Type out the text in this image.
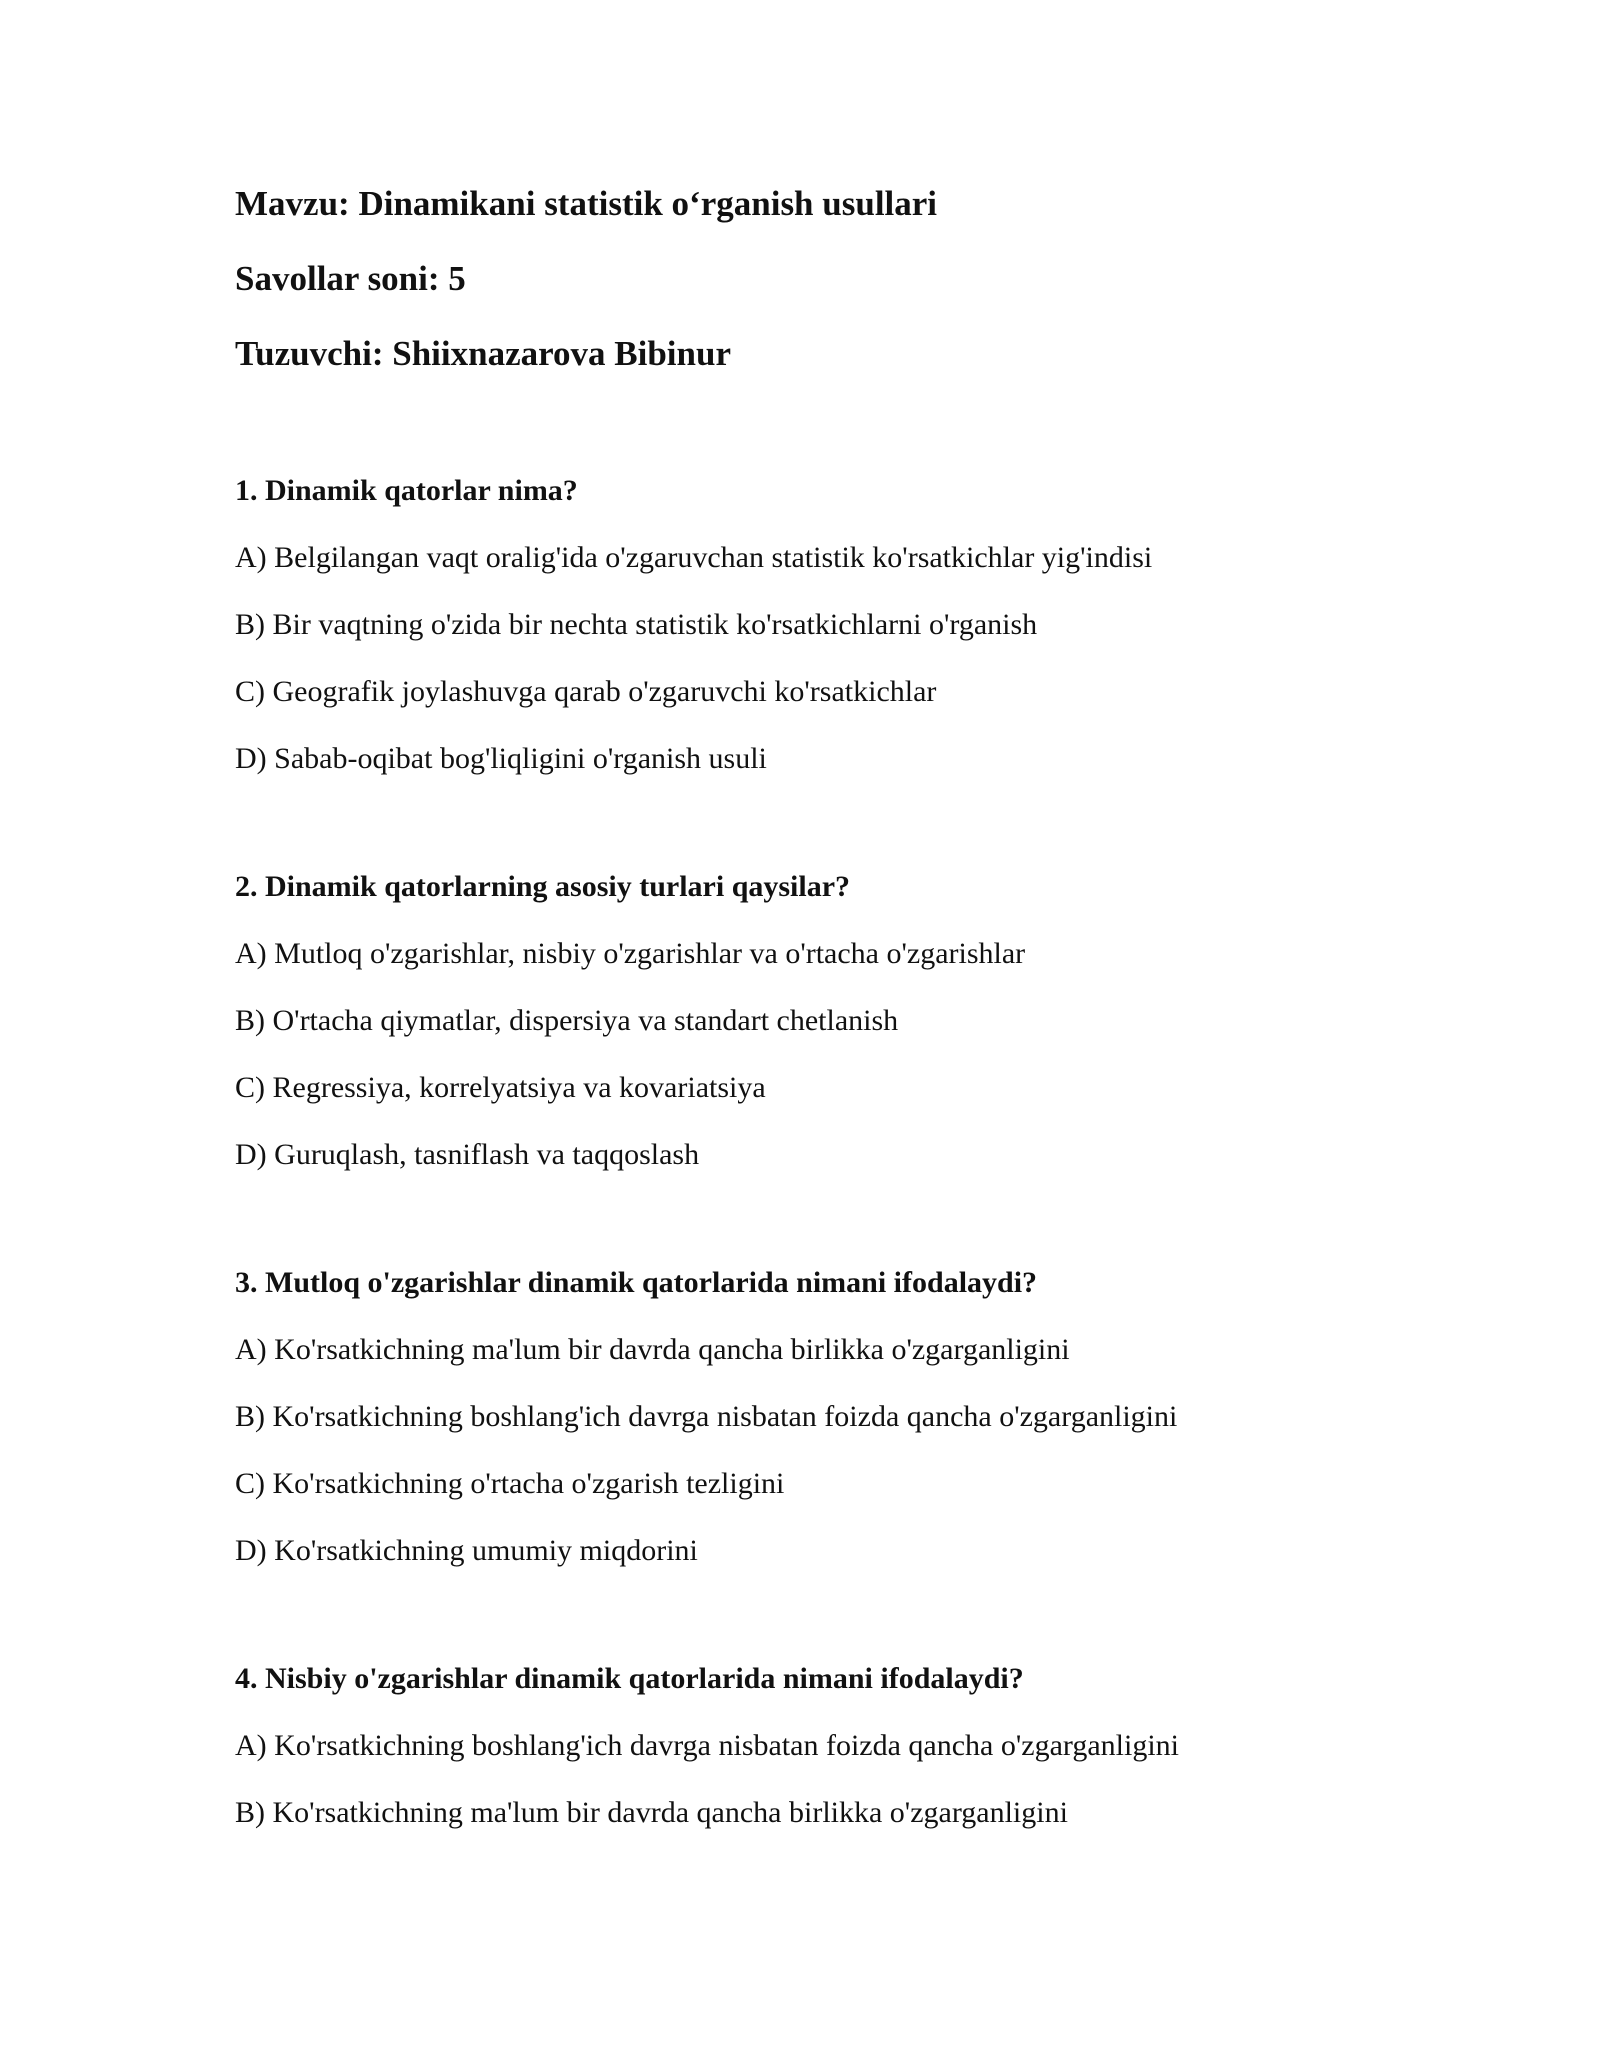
Mavzu: Dinamikani statistik o‘rganish usullari
Savollar soni: 5
Tuzuvchi: Shiixnazarova Bibinur
1. Dinamik qatorlar nima?
A) Belgilangan vaqt oralig'ida o'zgaruvchan statistik ko'rsatkichlar yig'indisi
B) Bir vaqtning o'zida bir nechta statistik ko'rsatkichlarni o'rganish
C) Geografik joylashuvga qarab o'zgaruvchi ko'rsatkichlar
D) Sabab-oqibat bog'liqligini o'rganish usuli
2. Dinamik qatorlarning asosiy turlari qaysilar?
A) Mutloq o'zgarishlar, nisbiy o'zgarishlar va o'rtacha o'zgarishlar
B) O'rtacha qiymatlar, dispersiya va standart chetlanish
C) Regressiya, korrelyatsiya va kovariatsiya
D) Guruqlash, tasniflash va taqqoslash
3. Mutloq o'zgarishlar dinamik qatorlarida nimani ifodalaydi?
A) Ko'rsatkichning ma'lum bir davrda qancha birlikka o'zgarganligini
B) Ko'rsatkichning boshlang'ich davrga nisbatan foizda qancha o'zgarganligini
C) Ko'rsatkichning o'rtacha o'zgarish tezligini
D) Ko'rsatkichning umumiy miqdorini
4. Nisbiy o'zgarishlar dinamik qatorlarida nimani ifodalaydi?
A) Ko'rsatkichning boshlang'ich davrga nisbatan foizda qancha o'zgarganligini
B) Ko'rsatkichning ma'lum bir davrda qancha birlikka o'zgarganligini
